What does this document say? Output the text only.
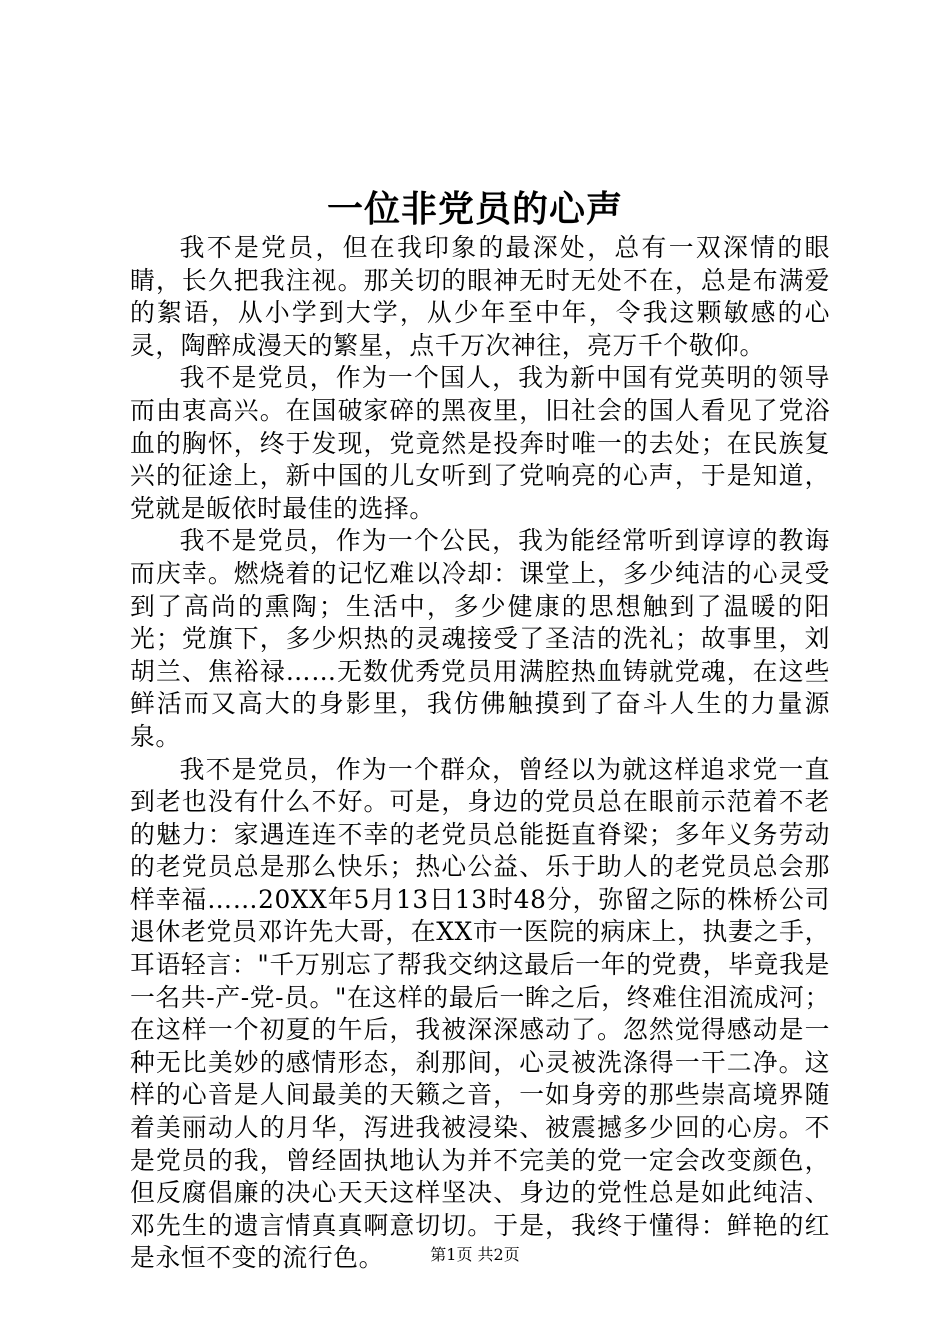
一位非党员的心声

我不是党员，但在我印象的最深处，总有一双深情的眼睛，长久把我注视。那关切的眼神无时无处不在，总是布满爱的絮语，从小学到大学，从少年至中年，令我这颗敏感的心灵，陶醉成漫天的繁星，点千万次神往，亮万千个敬仰。

我不是党员，作为一个国人，我为新中国有党英明的领导而由衷高兴。在国破家碎的黑夜里，旧社会的国人看见了党浴血的胸怀，终于发现，党竟然是投奔时唯一的去处；在民族复兴的征途上，新中国的儿女听到了党响亮的心声，于是知道，党就是皈依时最佳的选择。

我不是党员，作为一个公民，我为能经常听到谆谆的教诲而庆幸。燃烧着的记忆难以冷却：课堂上，多少纯洁的心灵受到了高尚的熏陶；生活中，多少健康的思想触到了温暖的阳光；党旗下，多少炽热的灵魂接受了圣洁的洗礼；故事里，刘胡兰、焦裕禄……无数优秀党员用满腔热血铸就党魂，在这些鲜活而又高大的身影里，我仿佛触摸到了奋斗人生的力量源泉。

我不是党员，作为一个群众，曾经以为就这样追求党一直到老也没有什么不好。可是，身边的党员总在眼前示范着不老的魅力：家遇连连不幸的老党员总能挺直脊梁；多年义务劳动的老党员总是那么快乐；热心公益、乐于助人的老党员总会那样幸福……20XX年5月13日13时48分，弥留之际的株桥公司退休老党员邓许先大哥，在XX市一医院的病床上，执妻之手，耳语轻言："千万别忘了帮我交纳这最后一年的党费，毕竟我是一名共-产-党-员。"在这样的最后一眸之后，终难住泪流成河；在这样一个初夏的午后，我被深深感动了。忽然觉得感动是一种无比美妙的感情形态，刹那间，心灵被洗涤得一干二净。这样的心音是人间最美的天籁之音，一如身旁的那些崇高境界随着美丽动人的月华，泻进我被浸染、被震撼多少回的心房。不是党员的我，曾经固执地认为并不完美的党一定会改变颜色，但反腐倡廉的决心天天这样坚决、身边的党性总是如此纯洁、邓先生的遗言情真真啊意切切。于是，我终于懂得：鲜艳的红是永恒不变的流行色。	第1页 共2页
